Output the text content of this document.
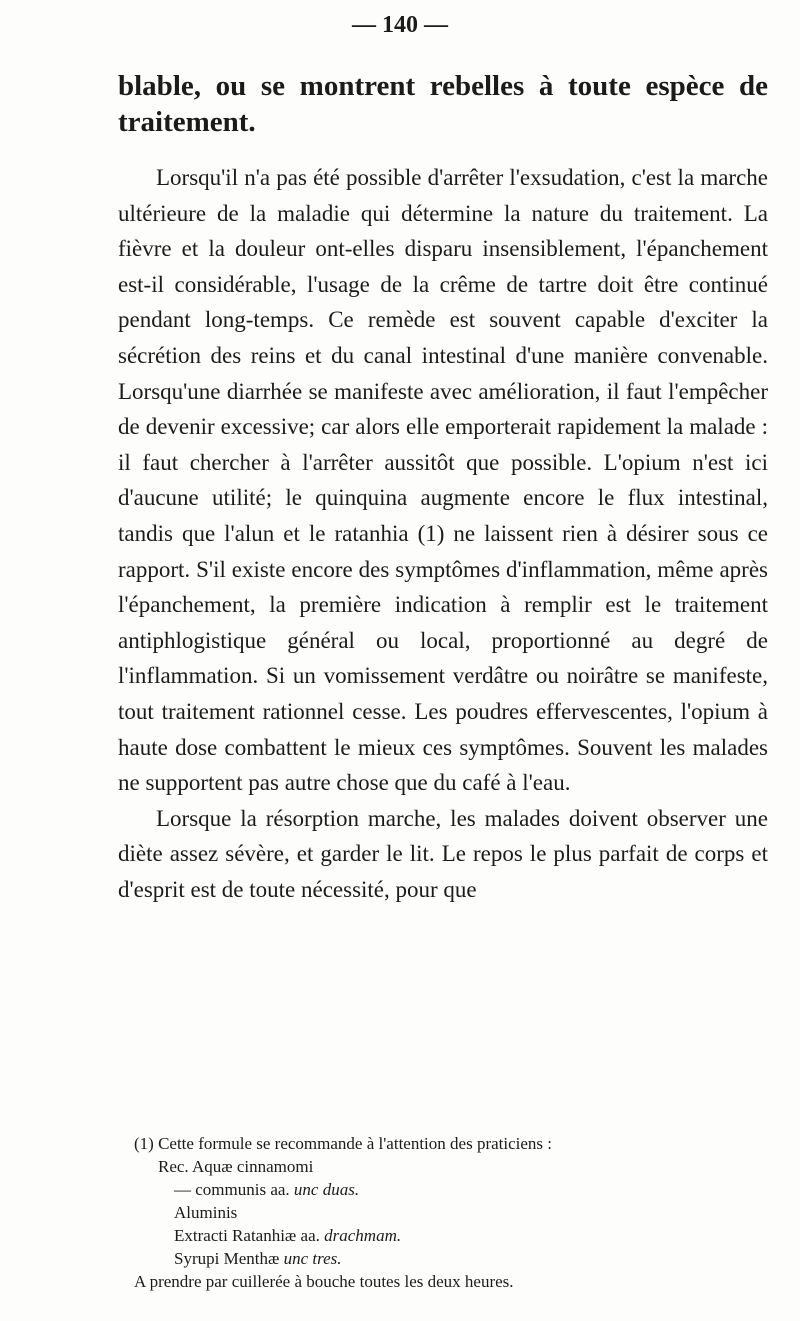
— 140 —

blable, ou se montrent rebelles à toute espèce de traitement.

Lorsqu'il n'a pas été possible d'arrêter l'exsudation, c'est la marche ultérieure de la maladie qui détermine la nature du traitement. La fièvre et la douleur ont-elles disparu insensiblement, l'épanchement est-il considérable, l'usage de la crême de tartre doit être continué pendant long-temps. Ce remède est souvent capable d'exciter la sécrétion des reins et du canal intestinal d'une manière convenable. Lorsqu'une diarrhée se manifeste avec amélioration, il faut l'empêcher de devenir excessive; car alors elle emporterait rapidement la malade : il faut chercher à l'arrêter aussitôt que possible. L'opium n'est ici d'aucune utilité; le quinquina augmente encore le flux intestinal, tandis que l'alun et le ratanhia (1) ne laissent rien à désirer sous ce rapport. S'il existe encore des symptômes d'inflammation, même après l'épanchement, la première indication à remplir est le traitement antiphlogistique général ou local, proportionné au degré de l'inflammation. Si un vomissement verdâtre ou noirâtre se manifeste, tout traitement rationnel cesse. Les poudres effervescentes, l'opium à haute dose combattent le mieux ces symptômes. Souvent les malades ne supportent pas autre chose que du café à l'eau.

Lorsque la résorption marche, les malades doivent observer une diète assez sévère, et garder le lit. Le repos le plus parfait de corps et d'esprit est de toute nécessité, pour que

(1) Cette formule se recommande à l'attention des praticiens :
Rec. Aquæ cinnamomi
— communis aa. unc duas.
Aluminis
Extracti Ratanhiæ aa. drachmam.
Syrupi Menthæ unc tres.
A prendre par cuillerée à bouche toutes les deux heures.
